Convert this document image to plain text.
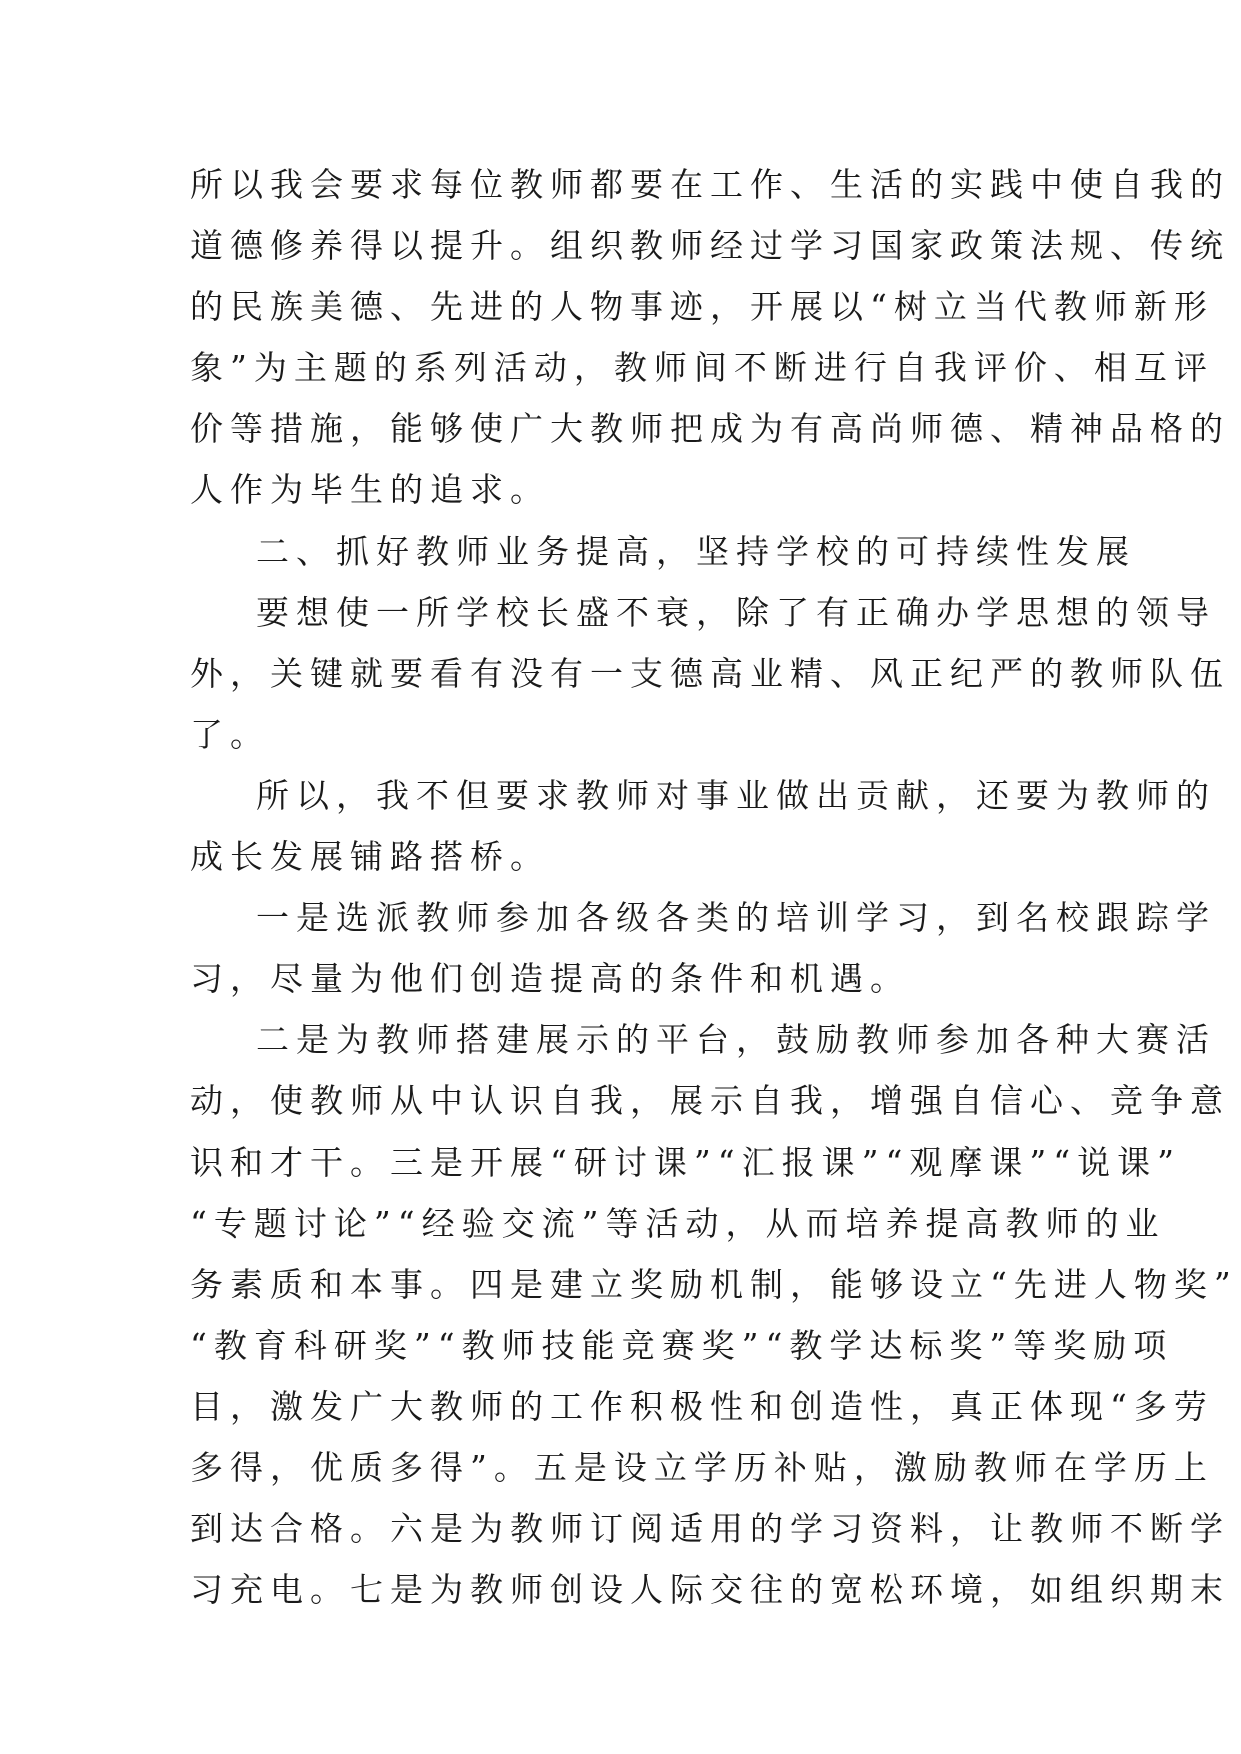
所以我会要求每位教师都要在工作、生活的实践中使自我的
道德修养得以提升。组织教师经过学习国家政策法规、传统
的民族美德、先进的人物事迹，开展以“树立当代教师新形
象”为主题的系列活动，教师间不断进行自我评价、相互评
价等措施，能够使广大教师把成为有高尚师德、精神品格的
人作为毕生的追求。
二、抓好教师业务提高，坚持学校的可持续性发展
要想使一所学校长盛不衰，除了有正确办学思想的领导
外，关键就要看有没有一支德高业精、风正纪严的教师队伍
了。
所以，我不但要求教师对事业做出贡献，还要为教师的
成长发展铺路搭桥。
一是选派教师参加各级各类的培训学习，到名校跟踪学
习，尽量为他们创造提高的条件和机遇。
二是为教师搭建展示的平台，鼓励教师参加各种大赛活
动，使教师从中认识自我，展示自我，增强自信心、竞争意
识和才干。三是开展“研讨课”“汇报课”“观摩课”“说课”
“专题讨论”“经验交流”等活动，从而培养提高教师的业
务素质和本事。四是建立奖励机制，能够设立“先进人物奖”
“教育科研奖”“教师技能竞赛奖”“教学达标奖”等奖励项
目，激发广大教师的工作积极性和创造性，真正体现“多劳
多得，优质多得”。五是设立学历补贴，激励教师在学历上
到达合格。六是为教师订阅适用的学习资料，让教师不断学
习充电。七是为教师创设人际交往的宽松环境，如组织期末
